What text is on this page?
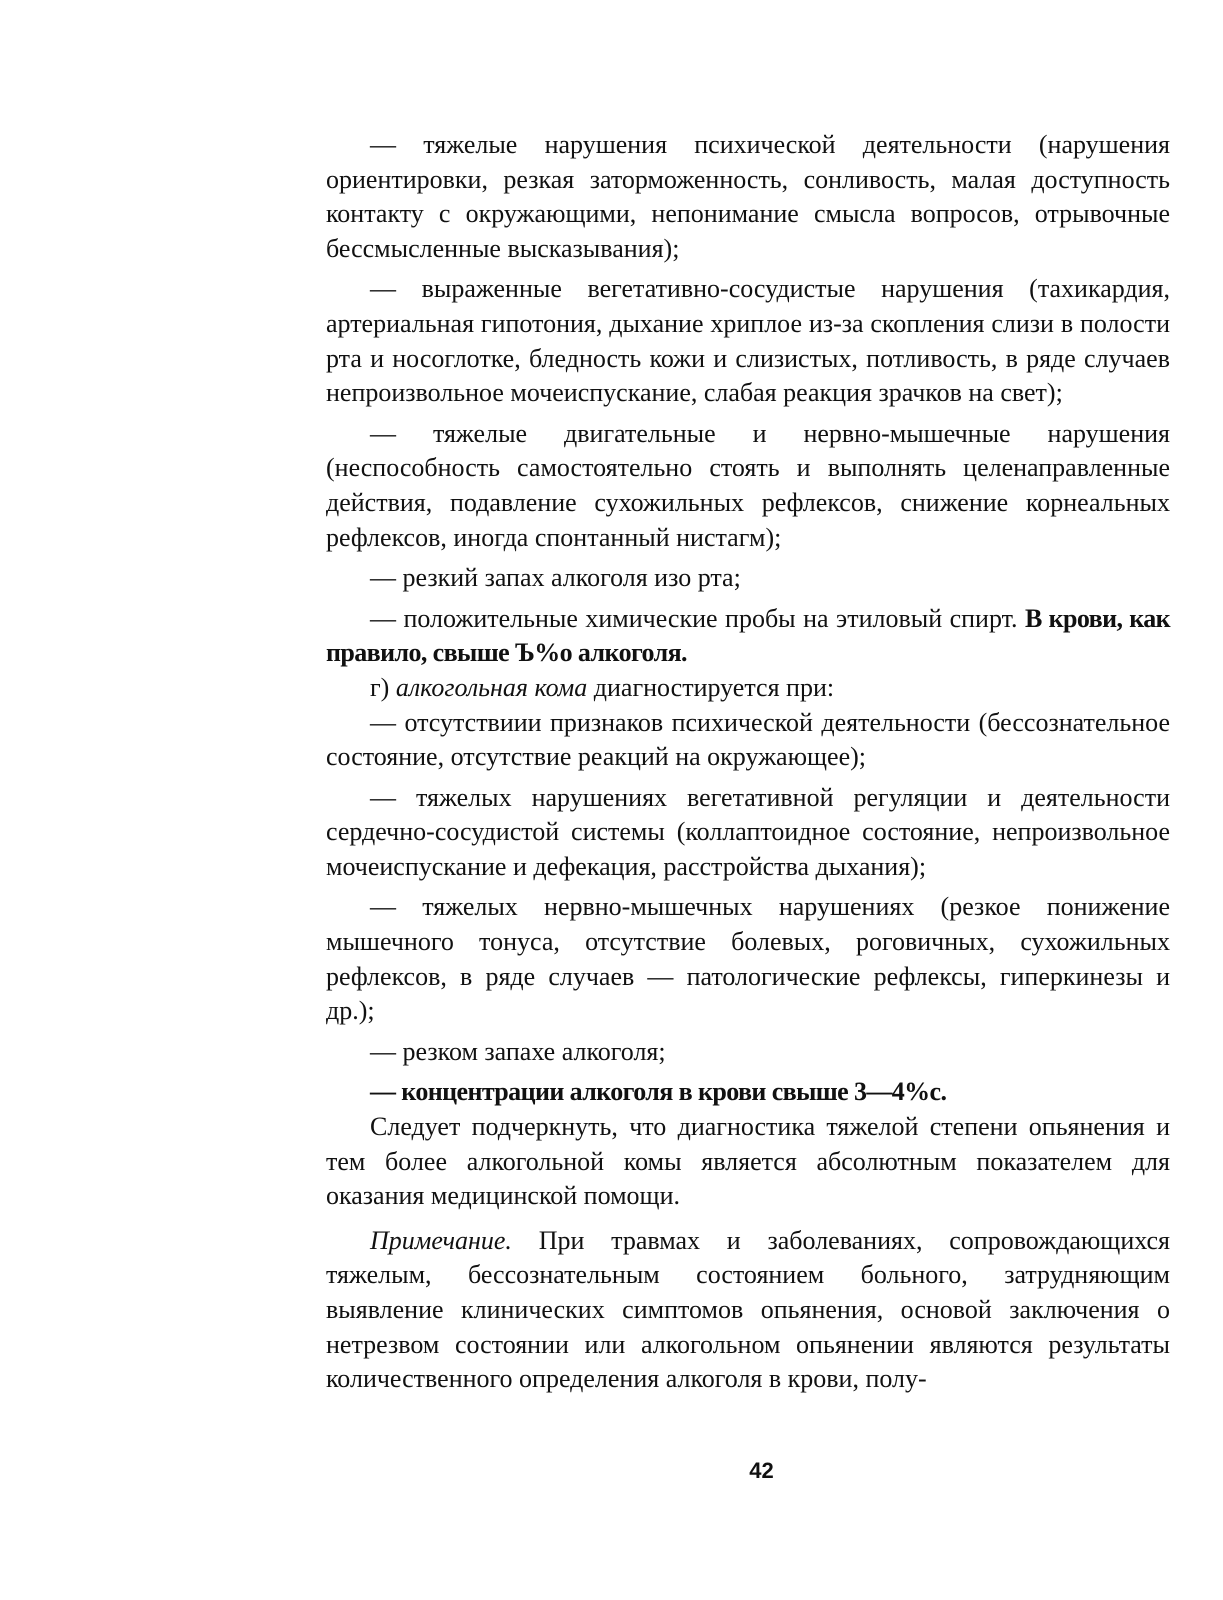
— тяжелые нарушения психической деятельности (нарушения ориентировки, резкая заторможенность, сонливость, малая доступность контакту с окружающими, непонимание смысла вопросов, отрывочные бессмысленные высказывания);

— выраженные вегетативно-сосудистые нарушения (тахикардия, артериальная гипотония, дыхание хриплое из-за скопления слизи в полости рта и носоглотке, бледность кожи и слизистых, потливость, в ряде случаев непроизвольное мочеиспускание, слабая реакция зрачков на свет);

— тяжелые двигательные и нервно-мышечные нарушения (неспособность самостоятельно стоять и выполнять целенаправленные действия, подавление сухожильных рефлексов, снижение корнеальных рефлексов, иногда спонтанный нистагм);

— резкий запах алкоголя изо рта;

— положительные химические пробы на этиловый спирт. В крови, как правило, свыше Ъ%о алкоголя.

г) алкогольная кома диагностируется при:

— отсутствиии признаков психической деятельности (бессознательное состояние, отсутствие реакций на окружающее);

— тяжелых нарушениях вегетативной регуляции и деятельности сердечно-сосудистой системы (коллаптоидное состояние, непроизвольное мочеиспускание и дефекация, расстройства дыхания);

— тяжелых нервно-мышечных нарушениях (резкое понижение мышечного тонуса, отсутствие болевых, роговичных, сухожильных рефлексов, в ряде случаев — патологические рефлексы, гиперкинезы и др.);

— резком запахе алкоголя;

— концентрации алкоголя в крови свыше 3—4%с.

Следует подчеркнуть, что диагностика тяжелой степени опьянения и тем более алкогольной комы является абсолютным показателем для оказания медицинской помощи.

Примечание. При травмах и заболеваниях, сопровождающихся тяжелым, бессознательным состоянием больного, затрудняющим выявление клинических симптомов опьянения, основой заключения о нетрезвом состоянии или алкогольном опьянении являются результаты количественного определения алкоголя в крови, полу-

42
